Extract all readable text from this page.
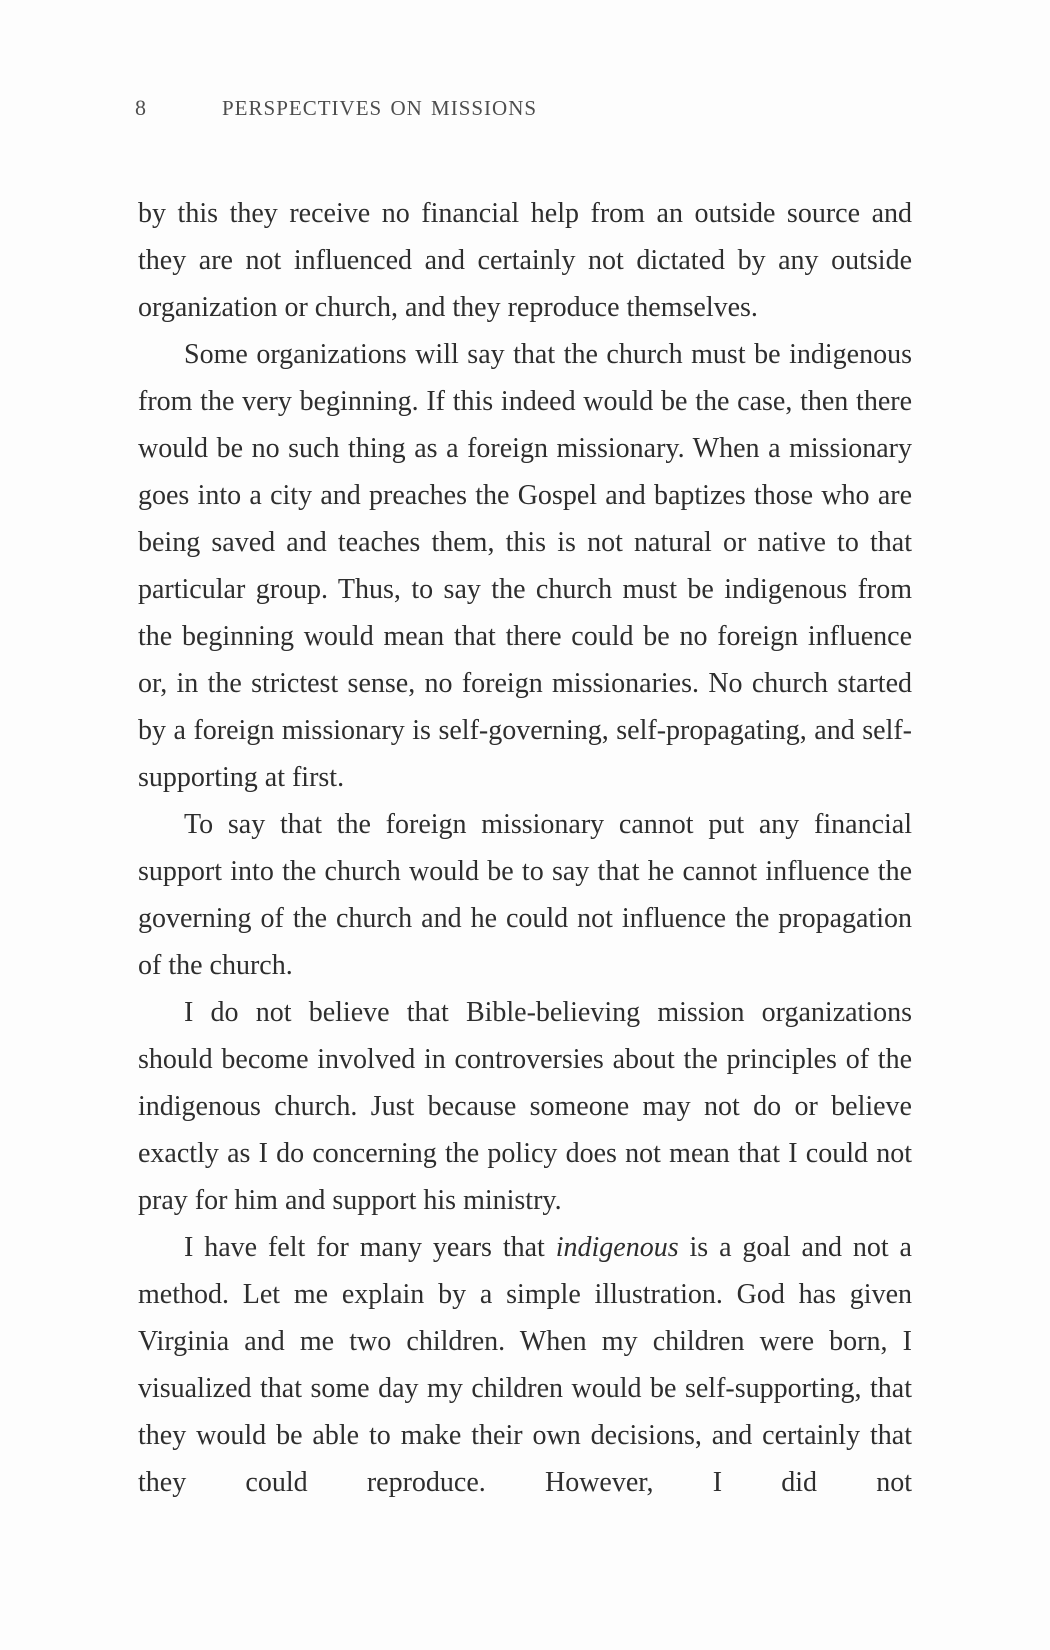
8	PERSPECTIVES ON MISSIONS

by this they receive no financial help from an outside source and they are not influenced and certainly not dictated by any outside organization or church, and they reproduce themselves.

Some organizations will say that the church must be indigenous from the very beginning. If this indeed would be the case, then there would be no such thing as a foreign missionary. When a missionary goes into a city and preaches the Gospel and baptizes those who are being saved and teaches them, this is not natural or native to that particular group. Thus, to say the church must be indigenous from the beginning would mean that there could be no foreign influence or, in the strictest sense, no foreign missionaries. No church started by a foreign missionary is self-governing, self-propagating, and self-supporting at first.

To say that the foreign missionary cannot put any financial support into the church would be to say that he cannot influence the governing of the church and he could not influence the propagation of the church.

I do not believe that Bible-believing mission organizations should become involved in controversies about the principles of the indigenous church. Just because someone may not do or believe exactly as I do concerning the policy does not mean that I could not pray for him and support his ministry.

I have felt for many years that indigenous is a goal and not a method. Let me explain by a simple illustration. God has given Virginia and me two children. When my children were born, I visualized that some day my children would be self-supporting, that they would be able to make their own decisions, and certainly that they could reproduce. However, I did not
